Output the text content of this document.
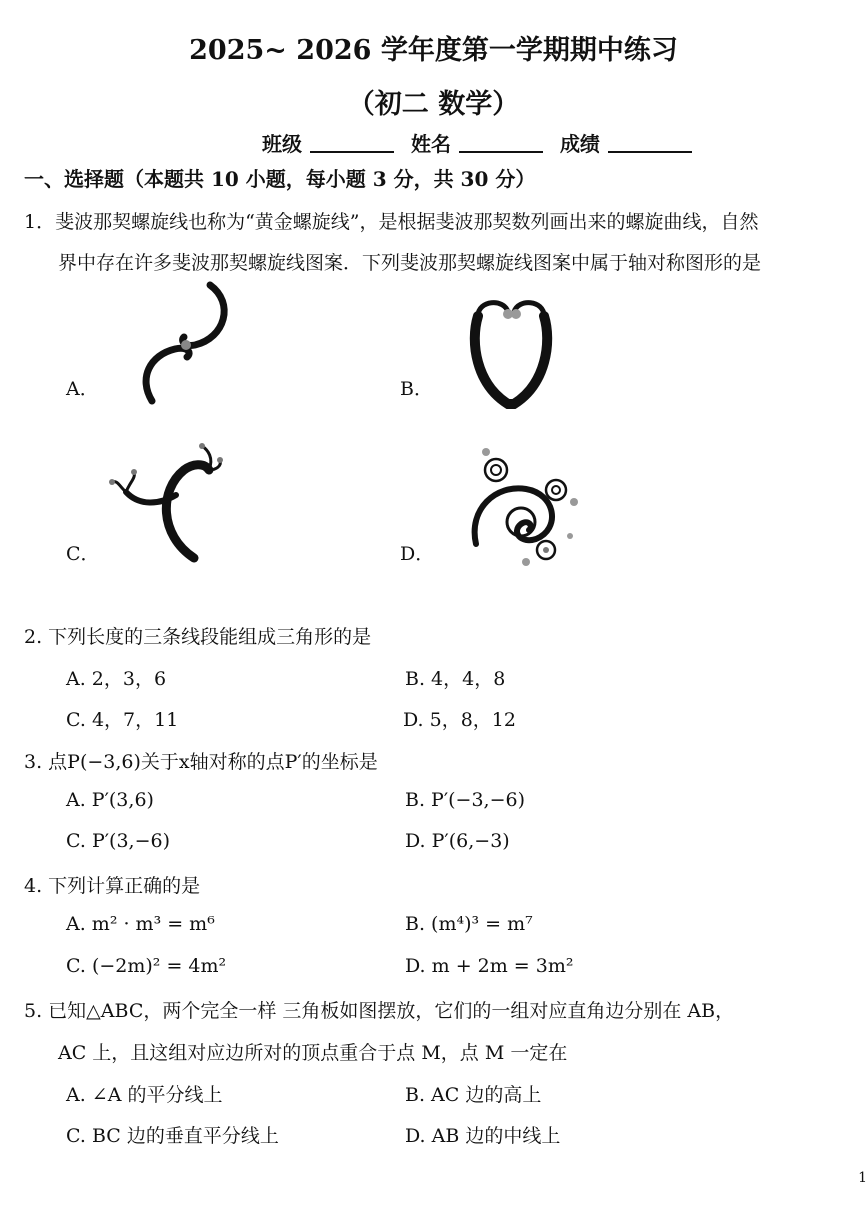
2025~ 2026 学年度第一学期期中练习
（初二 数学）
班级	姓名	成绩
一、选择题（本题共 10 小题，每小题 3 分，共 30 分）
1．斐波那契螺旋线也称为“黄金螺旋线”，是根据斐波那契数列画出来的螺旋曲线，自然
界中存在许多斐波那契螺旋线图案．下列斐波那契螺旋线图案中属于轴对称图形的是
A．	B．
C．	D．
2. 下列长度的三条线段能组成三角形的是
A. 2，3，6	B. 4，4，8
C. 4，7，11	D. 5，8，12
3. 点P(−3,6)关于x轴对称的点P′的坐标是
A. P′(3,6)	B. P′(−3,−6)
C. P′(3,−6)	D. P′(6,−3)
4. 下列计算正确的是
A. m² · m³ = m⁶	B. (m⁴)³ = m⁷
C. (−2m)² = 4m²	D. m + 2m = 3m²
5. 已知△ABC，两个完全一样 三角板如图摆放，它们的一组对应直角边分别在 AB，
AC 上，且这组对应边所对的顶点重合于点 M，点 M 一定在
A. ∠A 的平分线上	B. AC 边的高上
C. BC 边的垂直平分线上	D. AB 边的中线上
1
